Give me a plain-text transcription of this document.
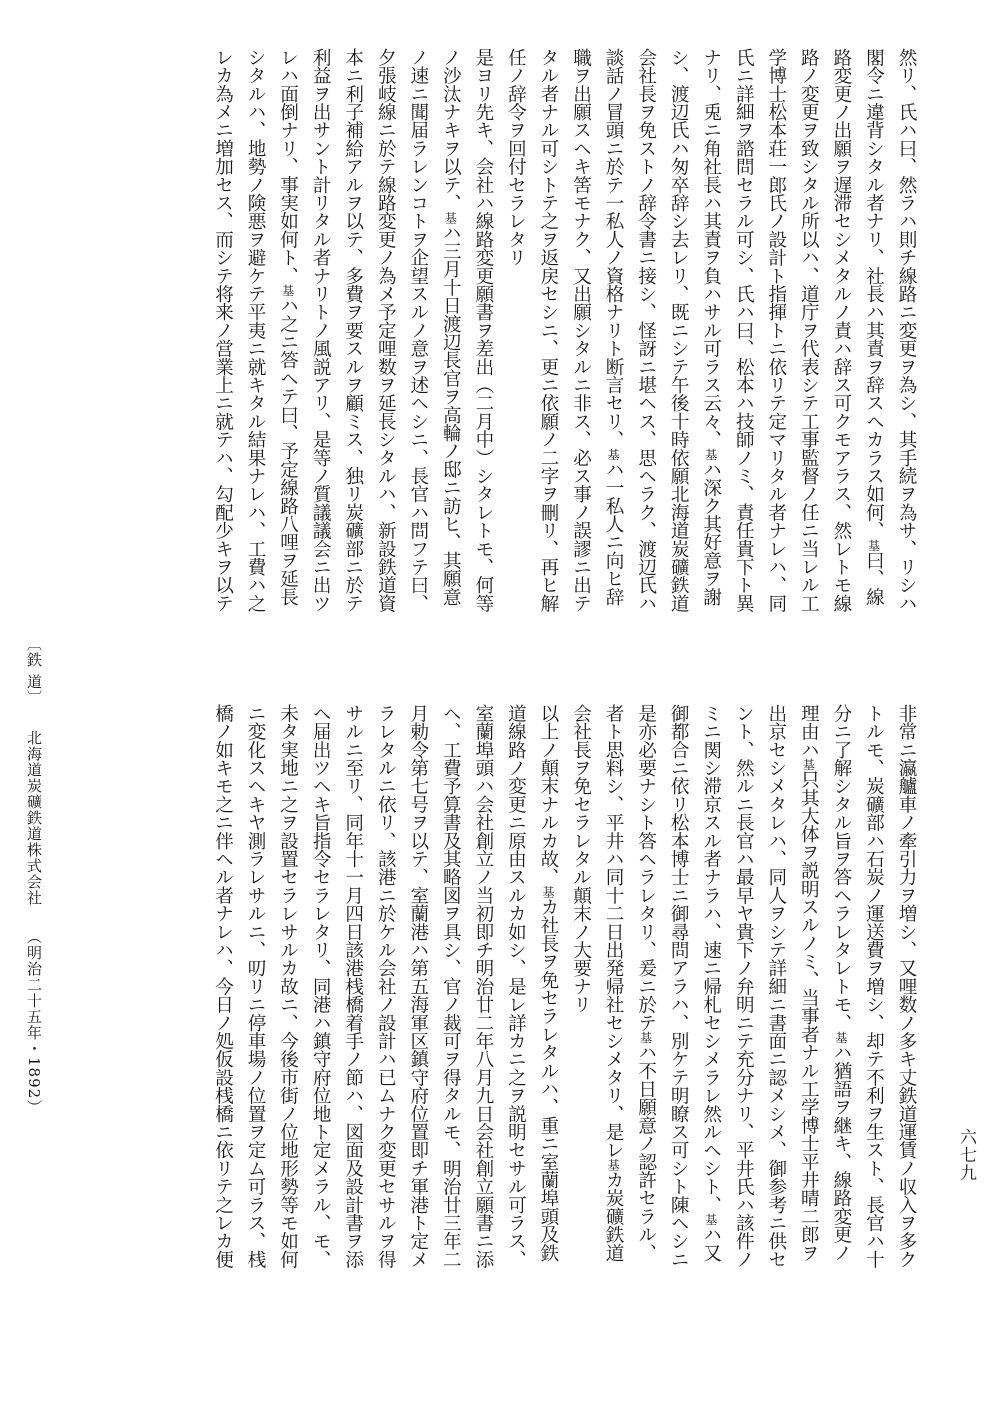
然リ、氏ハ曰、然ラハ則チ線路ニ変更ヲ為シ、其手続ヲ為サ、リシハ
閣令ニ違背シタル者ナリ、社長ハ其責ヲ辞スヘカラス如何、基曰、線
路変更ノ出願ヲ遅滞セシメタルノ責ハ辞ス可クモアラス、然レトモ線
路ノ変更ヲ致シタル所以ハ、道庁ヲ代表シテ工事監督ノ任ニ当レル工
学博士松本荘一郎氏ノ設計ト指揮トニ依リテ定マリタル者ナレハ、同
氏ニ詳細ヲ諮問セラル可シ、氏ハ曰、松本ハ技師ノミ、責任貴下ト異
ナリ、兎ニ角社長ハ其責ヲ負ハサル可ラス云々、基ハ深ク其好意ヲ謝
シ、渡辺氏ハ匆卒辞シ去レリ、既ニシテ午後十時依願北海道炭礦鉄道
会社長ヲ免ストノ辞令書ニ接シ、怪訝ニ堪ヘス、思ヘラク、渡辺氏ハ
談話ノ冒頭ニ於テ一私人ノ資格ナリト断言セリ、基ハ一私人ニ向ヒ辞
職ヲ出願スヘキ筈モナク、又出願シタルニ非ス、必ス事ノ誤謬ニ出テ
タル者ナル可シトテ之ヲ返戻セシニ、更ニ依願ノ二字ヲ刪リ、再ヒ解
任ノ辞令ヲ回付セラレタリ
是ヨリ先キ、会社ハ線路変更願書ヲ差出（二月中）シタレトモ、何等
ノ沙汰ナキヲ以テ、基ハ三月十日渡辺長官ヲ高輪ノ邸ニ訪ヒ、其願意
ノ速ニ聞届ラレンコトヲ企望スルノ意ヲ述ヘシニ、長官ハ問フテ曰、
夕張岐線ニ於テ線路変更ノ為メ予定哩数ヲ延長シタルハ、新設鉄道資
本ニ利子補給アルヲ以テ、多費ヲ要スルヲ顧ミス、独リ炭礦部ニ於テ
利益ヲ出サント計リタル者ナリトノ風説アリ、是等ノ質議議会ニ出ツ
レハ面倒ナリ、事実如何ト、基ハ之ニ答ヘテ曰、予定線路八哩ヲ延長
シタルハ、地勢ノ険悪ヲ避ケテ平夷ニ就キタル結果ナレハ、工費ハ之
レカ為メニ増加セス、而シテ将来ノ営業上ニ就テハ、勾配少キヲ以テ
非常ニ瀛艫車ノ牽引力ヲ増シ、又哩数ノ多キ丈鉄道運賃ノ収入ヲ多ク
トルモ、炭礦部ハ石炭ノ運送費ヲ増シ、却テ不利ヲ生スト、長官ハ十
分ニ了解シタル旨ヲ答ヘラレタレトモ、基ハ猶語ヲ継キ、線路変更ノ
理由ハ基只其大体ヲ説明スルノミ、当事者ナル工学博士平井晴二郎ヲ
出京セシメタレハ、同人ヲシテ詳細ニ書面ニ認メシメ、御参考ニ供セ
ント、然ルニ長官ハ最早ヤ貴下ノ弁明ニテ充分ナリ、平井氏ハ該件ノ
ミニ関シ滞京スル者ナラハ、速ニ帰札セシメラレ然ルヘシト、基ハ又
御都合ニ依リ松本博士ニ御尋問アラハ、別ケテ明瞭ス可シト陳ヘシニ
是亦必要ナシト答ヘラレタリ、爰ニ於テ基ハ不日願意ノ認許セラル、
者ト思料シ、平井ハ同十二日出発帰社セシメタリ、是レ基カ炭礦鉄道
会社長ヲ免セラレタル顛末ノ大要ナリ
以上ノ顛末ナルカ故、基カ社長ヲ免セラレタルハ、重ニ室蘭埠頭及鉄
道線路ノ変更ニ原由スルカ如シ、是レ詳カニ之ヲ説明セサル可ラス、
室蘭埠頭ハ会社創立ノ当初即チ明治廿二年八月九日会社創立願書ニ添
ヘ、工費予算書及其略図ヲ具シ、官ノ裁可ヲ得タルモ、明治廿三年二
月勅令第七号ヲ以テ、室蘭港ハ第五海軍区鎮守府位置即チ軍港ト定メ
ラレタルニ依リ、該港ニ於ケル会社ノ設計ハ已ムナク変更セサルヲ得
サルニ至リ、同年十一月四日該港桟橋着手ノ節ハ、図面及設計書ヲ添
ヘ届出ツヘキ旨指令セラレタリ、同港ハ鎮守府位地ト定メラル、モ、
未タ実地ニ之ヲ設置セラレサルカ故ニ、今後市街ノ位地形勢等モ如何
ニ変化スヘキヤ測ラレサルニ、叨リニ停車場ノ位置ヲ定ム可ラス、桟
橋ノ如キモ之ニ伴ヘル者ナレハ、今日ノ処仮設桟橋ニ依リテ之レカ便
〔鉄 道〕 北海道炭礦鉄道株式会社 （明治二十五年・1892）
六七九
